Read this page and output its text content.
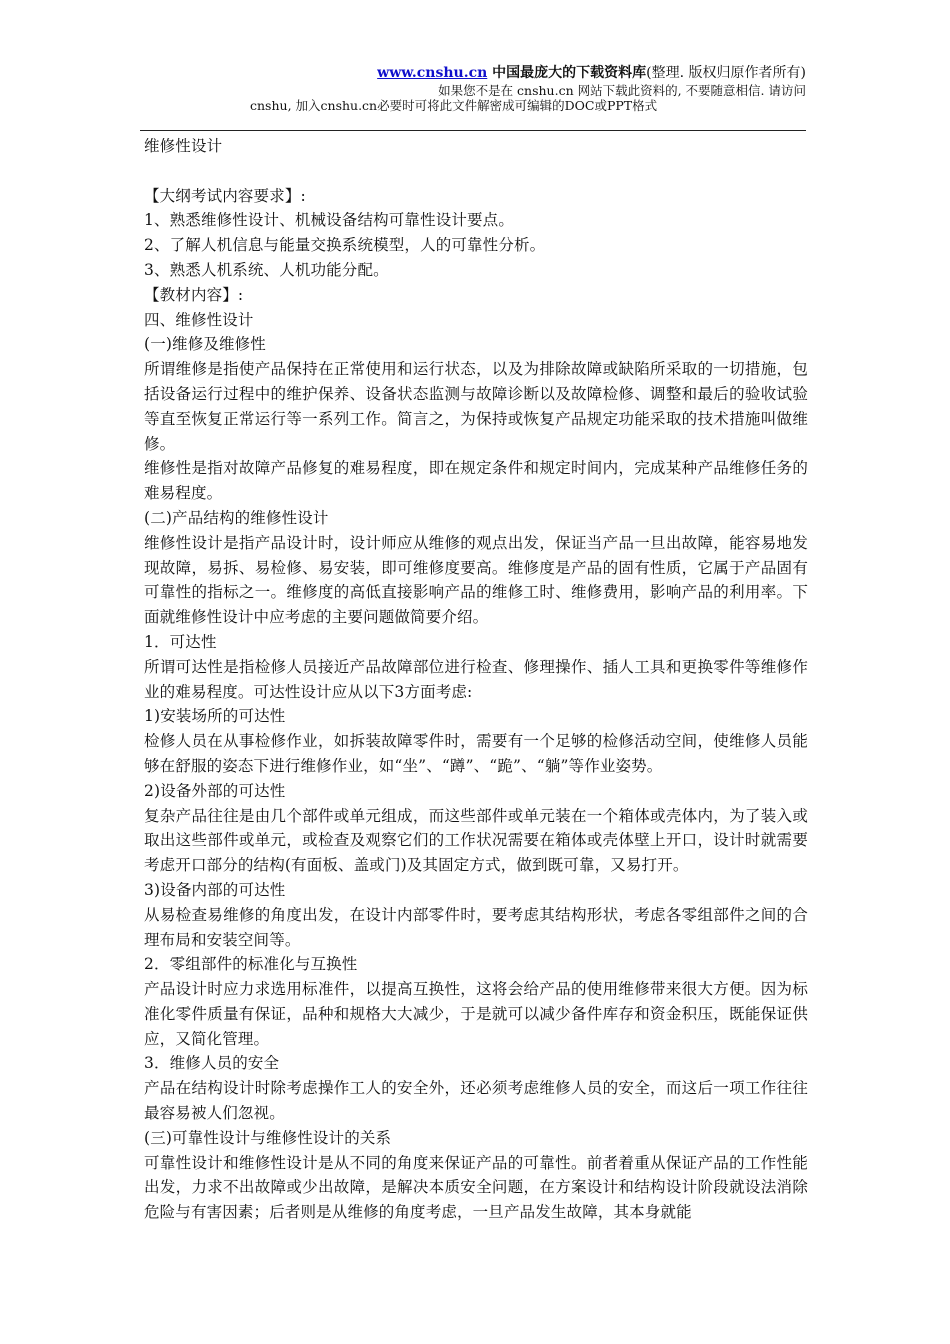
www.cnshu.cn 中国最庞大的下载资料库(整理. 版权归原作者所有)
如果您不是在 cnshu.cn 网站下载此资料的, 不要随意相信. 请访问
cnshu, 加入cnshu.cn必要时可将此文件解密成可编辑的DOC或PPT格式

维修性设计

【大纲考试内容要求】:

1、熟悉维修性设计、机械设备结构可靠性设计要点。

2、了解人机信息与能量交换系统模型，人的可靠性分析。

3、熟悉人机系统、人机功能分配。

【教材内容】:

四、维修性设计

(一)维修及维修性

所谓维修是指使产品保持在正常使用和运行状态，以及为排除故障或缺陷所采取的一切措施，包括设备运行过程中的维护保养、设备状态监测与故障诊断以及故障检修、调整和最后的验收试验等直至恢复正常运行等一系列工作。简言之，为保持或恢复产品规定功能采取的技术措施叫做维修。

维修性是指对故障产品修复的难易程度，即在规定条件和规定时间内，完成某种产品维修任务的难易程度。

(二)产品结构的维修性设计

维修性设计是指产品设计时，设计师应从维修的观点出发，保证当产品一旦出故障，能容易地发现故障，易拆、易检修、易安装，即可维修度要高。维修度是产品的固有性质，它属于产品固有可靠性的指标之一。维修度的高低直接影响产品的维修工时、维修费用，影响产品的利用率。下面就维修性设计中应考虑的主要问题做简要介绍。

1．可达性

所谓可达性是指检修人员接近产品故障部位进行检查、修理操作、插人工具和更换零件等维修作业的难易程度。可达性设计应从以下3方面考虑:

1)安装场所的可达性

检修人员在从事检修作业，如拆装故障零件时，需要有一个足够的检修活动空间，使维修人员能够在舒服的姿态下进行维修作业，如“坐”、“蹲”、“跪”、“躺”等作业姿势。

2)设备外部的可达性

复杂产品往往是由几个部件或单元组成，而这些部件或单元装在一个箱体或壳体内，为了装入或取出这些部件或单元，或检查及观察它们的工作状况需要在箱体或壳体壁上开口，设计时就需要考虑开口部分的结构(有面板、盖或门)及其固定方式，做到既可靠，又易打开。

3)设备内部的可达性

从易检查易维修的角度出发，在设计内部零件时，要考虑其结构形状，考虑各零组部件之间的合理布局和安装空间等。

2．零组部件的标准化与互换性

产品设计时应力求选用标准件，以提高互换性，这将会给产品的使用维修带来很大方便。因为标准化零件质量有保证，品种和规格大大减少，于是就可以减少备件库存和资金积压，既能保证供应，又简化管理。

3．维修人员的安全

产品在结构设计时除考虑操作工人的安全外，还必须考虑维修人员的安全，而这后一项工作往往最容易被人们忽视。

(三)可靠性设计与维修性设计的关系

可靠性设计和维修性设计是从不同的角度来保证产品的可靠性。前者着重从保证产品的工作性能出发，力求不出故障或少出故障，是解决本质安全问题，在方案设计和结构设计阶段就设法消除危险与有害因素；后者则是从维修的角度考虑，一旦产品发生故障，其本身就能
